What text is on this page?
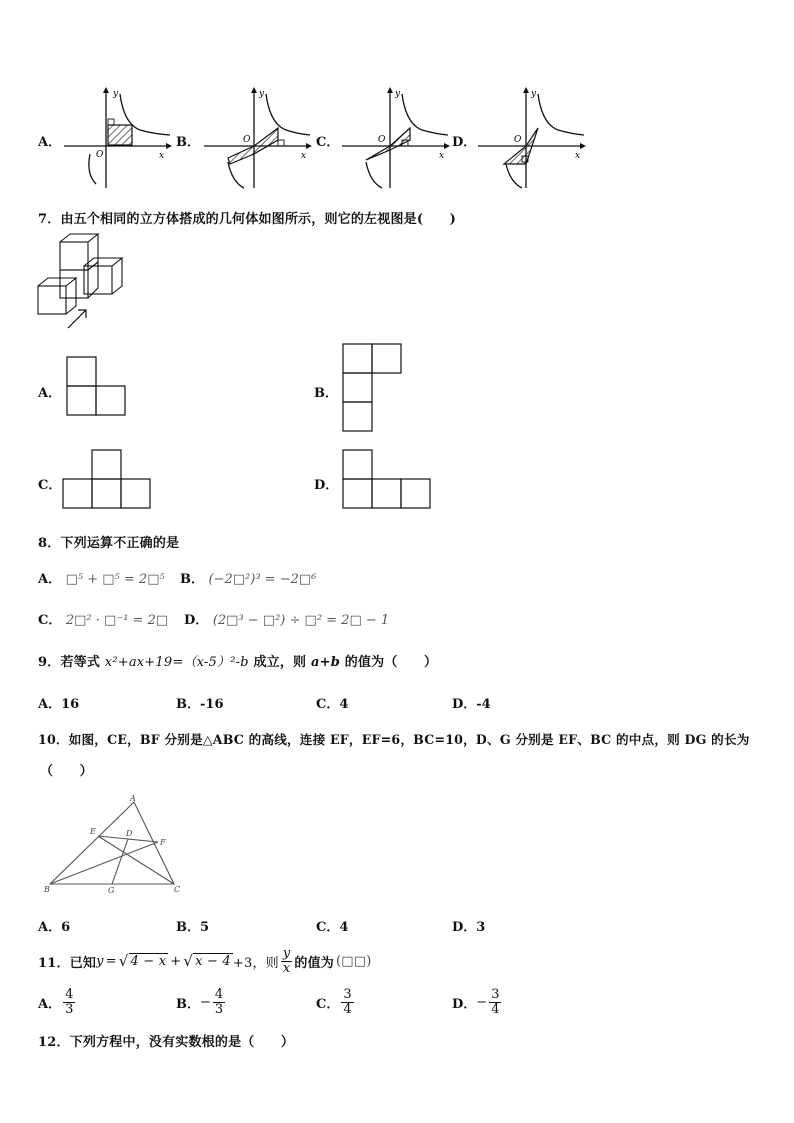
A．	B．	C．	D．
y
x
O
y
x
O
y
x
O
y
x
O
7．由五个相同的立方体搭成的几何体如图所示，则它的左视图是(　　)
A．	B．
C．	D．
8．下列运算不正确的是
A． □⁵ + □⁵ = 2□⁵ B． (−2□²)³ = −2□⁶
C． 2□² · □⁻¹ = 2□ D． (2□³ − □²) ÷ □² = 2□ − 1
9．若等式 x²+ax+19=（x-5）²-b 成立，则 a+b 的值为（　　）
A．16	B．-16	C．4	D．-4
10．如图，CE，BF 分别是△ABC 的高线，连接 EF，EF=6，BC=10，D、G 分别是 EF、BC 的中点，则 DG 的长为
（　　）
A
B	C
D
E
F
G
A．6	B．5	C．4	D．3
11．已知 y = √ 4 − x + √ x − 4 +3，则 $\frac{y}{x}$ 的值为 (□□)
A． $\frac{4}{3}$	B． − $\frac{4}{3}$	C． $\frac{3}{4}$	D． − $\frac{3}{4}$
12．下列方程中，没有实数根的是（　　）
